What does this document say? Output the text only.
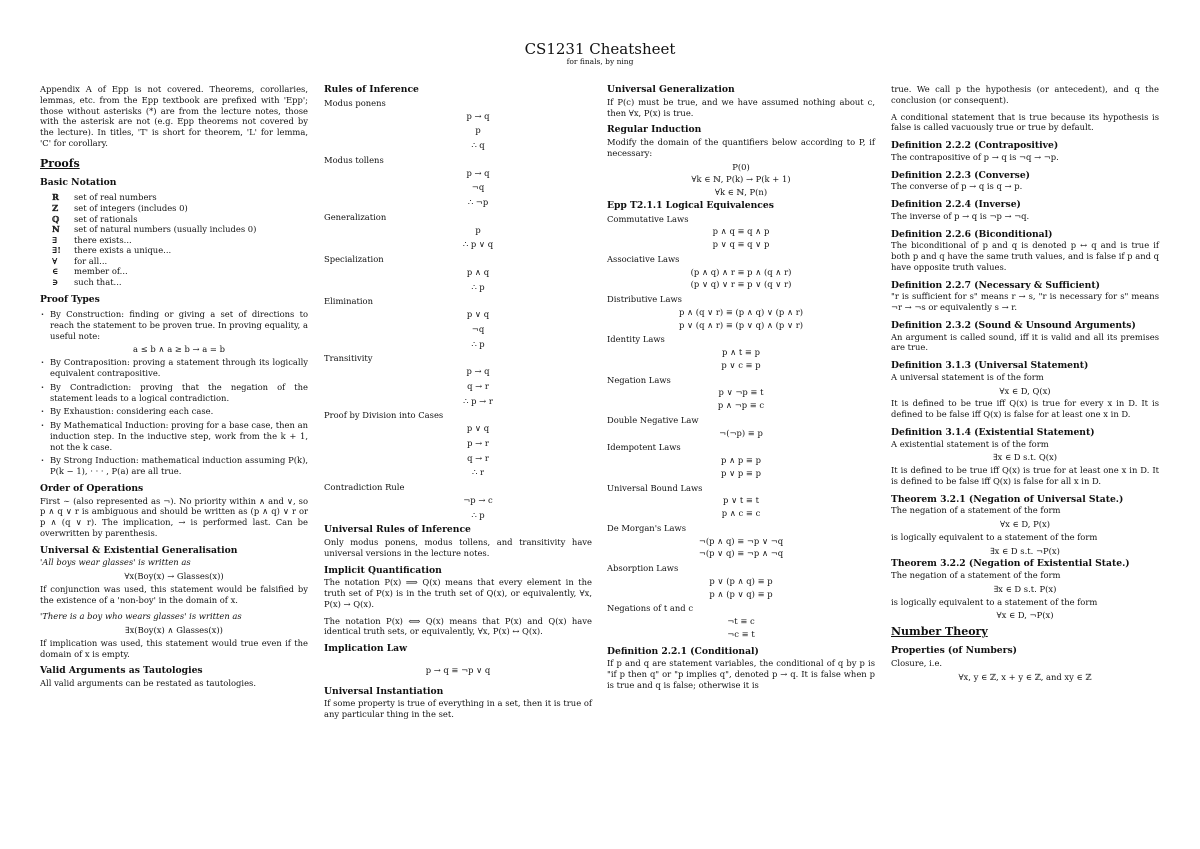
CS1231 Cheatsheet
for finals, by ning
Appendix A of Epp is not covered. Theorems, corollaries, lemmas, etc. from the Epp textbook are prefixed with 'Epp'; those without asterisks (*) are from the lecture notes, those with the asterisk are not (e.g. Epp theorems not covered by the lecture). In titles, 'T' is short for theorem, 'L' for lemma, 'C' for corollary.
Proofs
Basic Notation
ℝ	set of real numbers
ℤ	set of integers (includes 0)
ℚ	set of rationals
ℕ	set of natural numbers (usually includes 0)
∃	there exists...
∃!	there exists a unique...
∀	for all...
∈	member of...
∋	such that...
Proof Types
· By Construction: finding or giving a set of directions to reach the statement to be proven true. In proving equality, a useful note:
a ≤ b ∧ a ≥ b → a = b
· By Contraposition: proving a statement through its logically equivalent contrapositive.
· By Contradiction: proving that the negation of the statement leads to a logical contradiction.
· By Exhaustion: considering each case.
· By Mathematical Induction: proving for a base case, then an induction step. In the inductive step, work from the k + 1, not the k case.
· By Strong Induction: mathematical induction assuming P(k), P(k − 1), · · · , P(a) are all true.
Order of Operations
First ∼ (also represented as ¬). No priority within ∧ and ∨, so p ∧ q ∨ r is ambiguous and should be written as (p ∧ q) ∨ r or p ∧ (q ∨ r). The implication, → is performed last. Can be overwritten by parenthesis.
Universal & Existential Generalisation
'All boys wear glasses' is written as
∀x(Boy(x) → Glasses(x))
If conjunction was used, this statement would be falsified by the existence of a 'non-boy' in the domain of x.
'There is a boy who wears glasses' is written as
∃x(Boy(x) ∧ Glasses(x))
If implication was used, this statement would true even if the domain of x is empty.
Valid Arguments as Tautologies
All valid arguments can be restated as tautologies.
Rules of Inference
Modus ponens
p → q
p
∴ q
Modus tollens
p → q
¬q
∴ ¬p
Generalization
p
∴ p ∨ q
Specialization
p ∧ q
∴ p
Elimination
p ∨ q
¬q
∴ p
Transitivity
p → q
q → r
∴ p → r
Proof by Division into Cases
p ∨ q
p → r
q → r
∴ r
Contradiction Rule
¬p → c
∴ p
Universal Rules of Inference
Only modus ponens, modus tollens, and transitivity have universal versions in the lecture notes.
Implicit Quantification
The notation P(x) ⟹ Q(x) means that every element in the truth set of P(x) is in the truth set of Q(x), or equivalently, ∀x, P(x) → Q(x).
The notation P(x) ⟺ Q(x) means that P(x) and Q(x) have identical truth sets, or equivalently, ∀x, P(x) ↔ Q(x).
Implication Law
p → q ≡ ¬p ∨ q
Universal Instantiation
If some property is true of everything in a set, then it is true of any particular thing in the set.
Universal Generalization
If P(c) must be true, and we have assumed nothing about c, then ∀x, P(x) is true.
Regular Induction
Modify the domain of the quantifiers below according to P, if necessary:
P(0)
∀k ∈ ℕ, P(k) → P(k + 1)
∀k ∈ ℕ, P(n)
Epp T2.1.1 Logical Equivalences
Commutative Laws
p ∧ q ≡ q ∧ p
p ∨ q ≡ q ∨ p
Associative Laws
(p ∧ q) ∧ r ≡ p ∧ (q ∧ r)
(p ∨ q) ∨ r ≡ p ∨ (q ∨ r)
Distributive Laws
p ∧ (q ∨ r) ≡ (p ∧ q) ∨ (p ∧ r)
p ∨ (q ∧ r) ≡ (p ∨ q) ∧ (p ∨ r)
Identity Laws
p ∧ t ≡ p
p ∨ c ≡ p
Negation Laws
p ∨ ¬p ≡ t
p ∧ ¬p ≡ c
Double Negative Law
¬(¬p) ≡ p
Idempotent Laws
p ∧ p ≡ p
p ∨ p ≡ p
Universal Bound Laws
p ∨ t ≡ t
p ∧ c ≡ c
De Morgan's Laws
¬(p ∧ q) ≡ ¬p ∨ ¬q
¬(p ∨ q) ≡ ¬p ∧ ¬q
Absorption Laws
p ∨ (p ∧ q) ≡ p
p ∧ (p ∨ q) ≡ p
Negations of t and c
¬t ≡ c
¬c ≡ t
Definition 2.2.1 (Conditional)
If p and q are statement variables, the conditional of q by p is "if p then q" or "p implies q", denoted p → q. It is false when p is true and q is false; otherwise it is
true. We call p the hypothesis (or antecedent), and q the conclusion (or consequent).
A conditional statement that is true because its hypothesis is false is called vacuously true or true by default.
Definition 2.2.2 (Contrapositive)
The contrapositive of p → q is ¬q → ¬p.
Definition 2.2.3 (Converse)
The converse of p → q is q → p.
Definition 2.2.4 (Inverse)
The inverse of p → q is ¬p → ¬q.
Definition 2.2.6 (Biconditional)
The biconditional of p and q is denoted p ↔ q and is true if both p and q have the same truth values, and is false if p and q have opposite truth values.
Definition 2.2.7 (Necessary & Sufficient)
"r is sufficient for s" means r → s, "r is necessary for s" means ¬r → ¬s or equivalently s → r.
Definition 2.3.2 (Sound & Unsound Arguments)
An argument is called sound, iff it is valid and all its premises are true.
Definition 3.1.3 (Universal Statement)
A universal statement is of the form
∀x ∈ D, Q(x)
It is defined to be true iff Q(x) is true for every x in D. It is defined to be false iff Q(x) is false for at least one x in D.
Definition 3.1.4 (Existential Statement)
A existential statement is of the form
∃x ∈ D s.t. Q(x)
It is defined to be true iff Q(x) is true for at least one x in D. It is defined to be false iff Q(x) is false for all x in D.
Theorem 3.2.1 (Negation of Universal State.)
The negation of a statement of the form
∀x ∈ D, P(x)
is logically equivalent to a statement of the form
∃x ∈ D s.t. ¬P(x)
Theorem 3.2.2 (Negation of Existential State.)
The negation of a statement of the form
∃x ∈ D s.t. P(x)
is logically equivalent to a statement of the form
∀x ∈ D, ¬P(x)
Number Theory
Properties (of Numbers)
Closure, i.e.
∀x, y ∈ ℤ, x + y ∈ ℤ, and xy ∈ ℤ
